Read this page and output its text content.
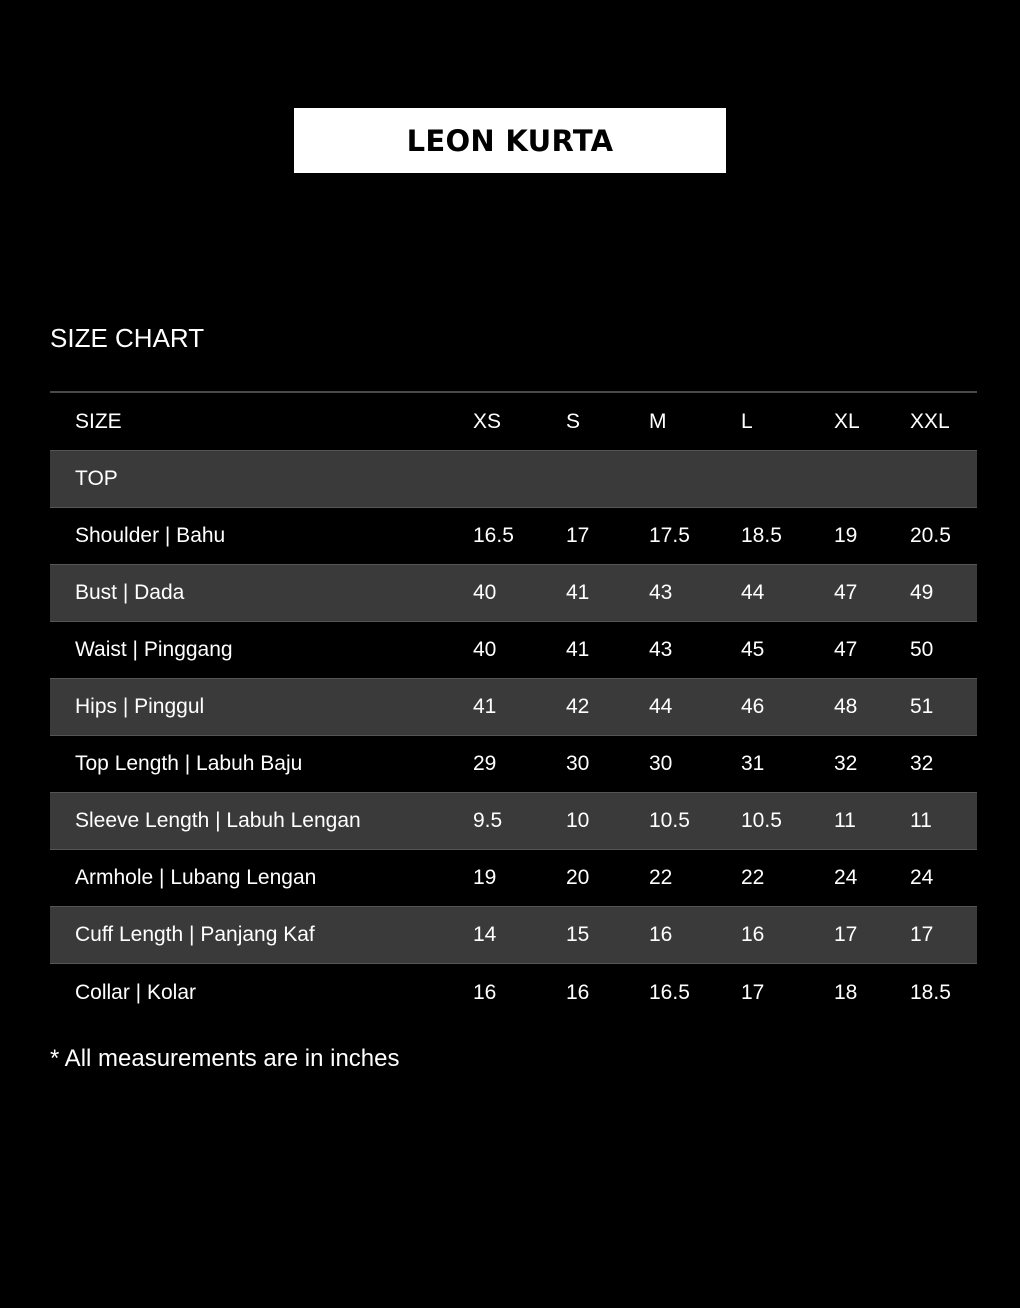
LEON KURTA
SIZE CHART
SIZE	XS	S	M	L	XL XXL
TOP
Shoulder | Bahu	16.5 17	17.5 18.5 19	20.5
Bust | Dada	40	41	43	44	47	49
Waist | Pinggang	40	41	43	45	47	50
Hips | Pinggul	41	42	44	46	48	51
Top Length | Labuh Baju	29	30	30	31	32	32
Sleeve Length | Labuh Lengan	9.5	10	10.5 10.5 11	11
Armhole | Lubang Lengan	19	20	22	22	24	24
Cuff Length | Panjang Kaf	14	15	16	16	17	17
Collar | Kolar	16	16	16.5 17	18	18.5
* All measurements are in inches
